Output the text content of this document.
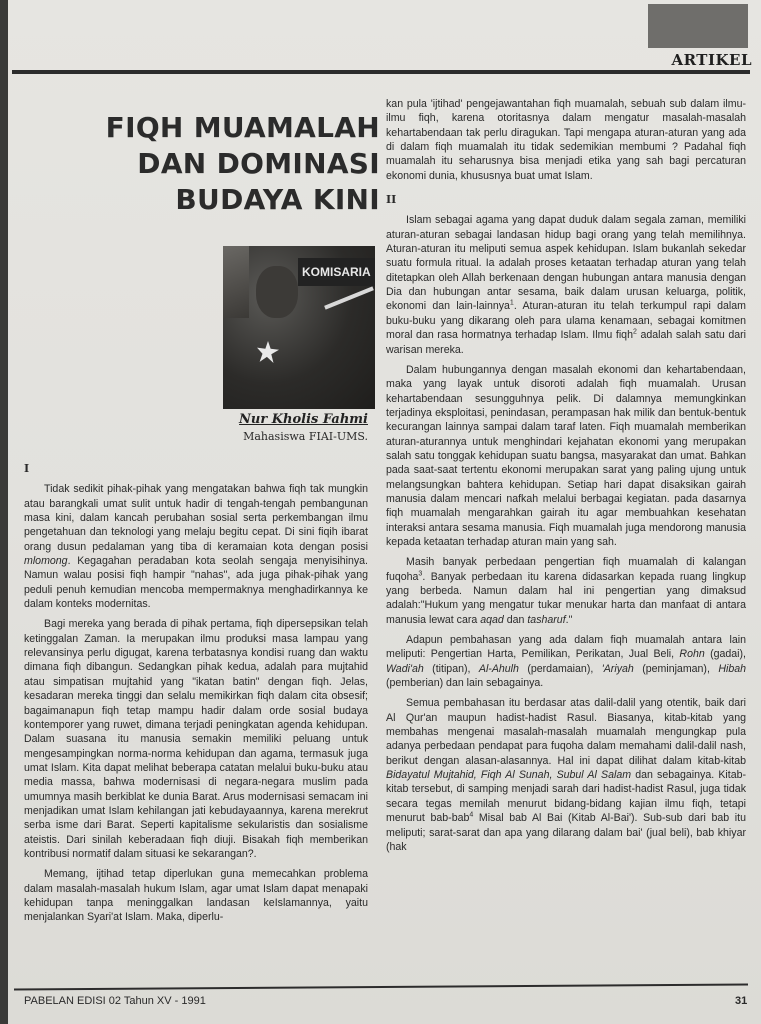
ARTIKEL
FIQH MUAMALAH
DAN DOMINASI
BUDAYA KINI
KOMISARIA
Nur Kholis Fahmi
Mahasiswa FIAI-UMS.

I

Tidak sedikit pihak-pihak yang mengatakan bahwa fiqh tak mungkin atau barangkali umat sulit untuk hadir di tengah-tengah pembangunan masa kini, dalam kancah perubahan sosial serta perkembangan ilmu pengetahuan dan teknologi yang melaju begitu cepat. Di sini fiqih ibarat orang dusun pedalaman yang tiba di keramaian kota dengan posisi mlomong. Kegagahan peradaban kota seolah sengaja menyisihinya. Namun walau posisi fiqh hampir "nahas", ada juga pihak-pihak yang peduli penuh kemudian mencoba mempermaknya menghadirkannya ke dalam konteks modernitas.

Bagi mereka yang berada di pihak pertama, fiqh dipersepsikan telah ketinggalan Zaman. Ia merupakan ilmu produksi masa lampau yang relevansinya perlu digugat, karena terbatasnya kondisi ruang dan waktu dimana fiqh dibangun. Sedangkan pihak kedua, adalah para mujtahid atau simpatisan mujtahid yang "ikatan batin" dengan fiqh. Jelas, kesadaran mereka tinggi dan selalu memikirkan fiqh dalam cita obsesif; bagaimanapun fiqh tetap mampu hadir dalam orde sosial budaya kontemporer yang ruwet, dimana terjadi peningkatan agenda kehidupan. Dalam suasana itu manusia semakin memiliki peluang untuk mengesampingkan norma-norma kehidupan dan agama, termasuk juga umat Islam. Kita dapat melihat beberapa catatan melalui buku-buku atau media massa, bahwa modernisasi di negara-negara muslim pada umumnya masih berkiblat ke dunia Barat. Arus modernisasi semacam ini menjadikan umat Islam kehilangan jati kebudayaannya, karena merekrut serba isme dari Barat. Seperti kapitalisme sekularistis dan sosialisme ateistis. Dari sinilah keberadaan fiqh diuji. Bisakah fiqh memberikan kontribusi normatif dalam situasi ke sekarangan?.

Memang, ijtihad tetap diperlukan guna memecahkan problema dalam masalah-masalah hukum Islam, agar umat Islam dapat menapaki kehidupan tanpa meninggalkan landasan keIslamannya, yaitu menjalankan Syari'at Islam. Maka, diperlu-

kan pula 'ijtihad' pengejawantahan fiqh muamalah, sebuah sub dalam ilmu-ilmu fiqh, karena otoritasnya dalam mengatur masalah-masalah kehartabendaan tak perlu diragukan. Tapi mengapa aturan-aturan yang ada di dalam fiqh muamalah itu tidak sedemikian membumi ? Padahal fiqh muamalah itu seharusnya bisa menjadi etika yang sah bagi percaturan ekonomi dunia, khususnya buat umat Islam.

II

Islam sebagai agama yang dapat duduk dalam segala zaman, memiliki aturan-aturan sebagai landasan hidup bagi orang yang telah memilihnya. Aturan-aturan itu meliputi semua aspek kehidupan. Islam bukanlah sekedar suatu formula ritual. Ia adalah proses ketaatan terhadap aturan yang telah ditetapkan oleh Allah berkenaan dengan hubungan antara manusia dengan Dia dan hubungan antar sesama, baik dalam urusan keluarga, politik, ekonomi dan lain-lainnya$^1$. Aturan-aturan itu telah terkumpul rapi dalam buku-buku yang dikarang oleh para ulama kenamaan, sebagai komitmen moral dan rasa hormatnya terhadap Islam. Ilmu fiqh$^2$ adalah salah satu dari warisan mereka.

Dalam hubungannya dengan masalah ekonomi dan kehartabendaan, maka yang layak untuk disoroti adalah fiqh muamalah. Urusan kehartabendaan sesungguhnya pelik. Di dalamnya memungkinkan terjadinya eksploitasi, penindasan, perampasan hak milik dan bentuk-bentuk kecurangan lainnya sampai dalam taraf laten. Fiqh muamalah memberikan aturan-aturannya untuk menghindari kejahatan ekonomi yang merupakan salah satu tonggak kehidupan suatu bangsa, masyarakat dan umat. Bahkan pada saat-saat tertentu ekonomi merupakan sarat yang paling ujung untuk melangsungkan bahtera kehidupan. Setiap hari dapat disaksikan gairah manusia dalam mencari nafkah melalui berbagai kegiatan. pada dasarnya fiqh muamalah mengarahkan gairah itu agar membuahkan kesehatan interaksi antara sesama manusia. Fiqh muamalah juga mendorong manusia kepada ketaatan terhadap aturan main yang sah.

Masih banyak perbedaan pengertian fiqh muamalah di kalangan fuqoha$^3$. Banyak perbedaan itu karena didasarkan kepada ruang lingkup yang berbeda. Namun dalam hal ini pengertian yang dimaksud adalah:"Hukum yang mengatur tukar menukar harta dan manfaat di antara manusia lewat cara aqad dan tasharuf."

Adapun pembahasan yang ada dalam fiqh muamalah antara lain meliputi: Pengertian Harta, Pemilikan, Perikatan, Jual Beli, Rohn (gadai), Wadi'ah (titipan), Al-Ahulh (perdamaian), 'Ariyah (peminjaman), Hibah (pemberian) dan lain sebagainya.

Semua pembahasan itu berdasar atas dalil-dalil yang otentik, baik dari Al Qur'an maupun hadist-hadist Rasul. Biasanya, kitab-kitab yang membahas mengenai masalah-masalah muamalah mengungkap pula adanya perbedaan pendapat para fuqoha dalam memahami dalil-dalil nash, berikut dengan alasan-alasannya. Hal ini dapat dilihat dalam kitab-kitab Bidayatul Mujtahid, Fiqh Al Sunah, Subul Al Salam dan sebagainya. Kitab-kitab tersebut, di samping menjadi sarah dari hadist-hadist Rasul, juga tidak secara tegas memilah menurut bidang-bidang kajian ilmu fiqh, tetapi menurut bab-bab$^4$ Misal bab Al Bai (Kitab Al-Bai'). Sub-sub dari bab itu meliputi; sarat-sarat dan apa yang dilarang dalam bai' (jual beli), bab khiyar (hak

PABELAN EDISI 02 Tahun XV - 1991	31
